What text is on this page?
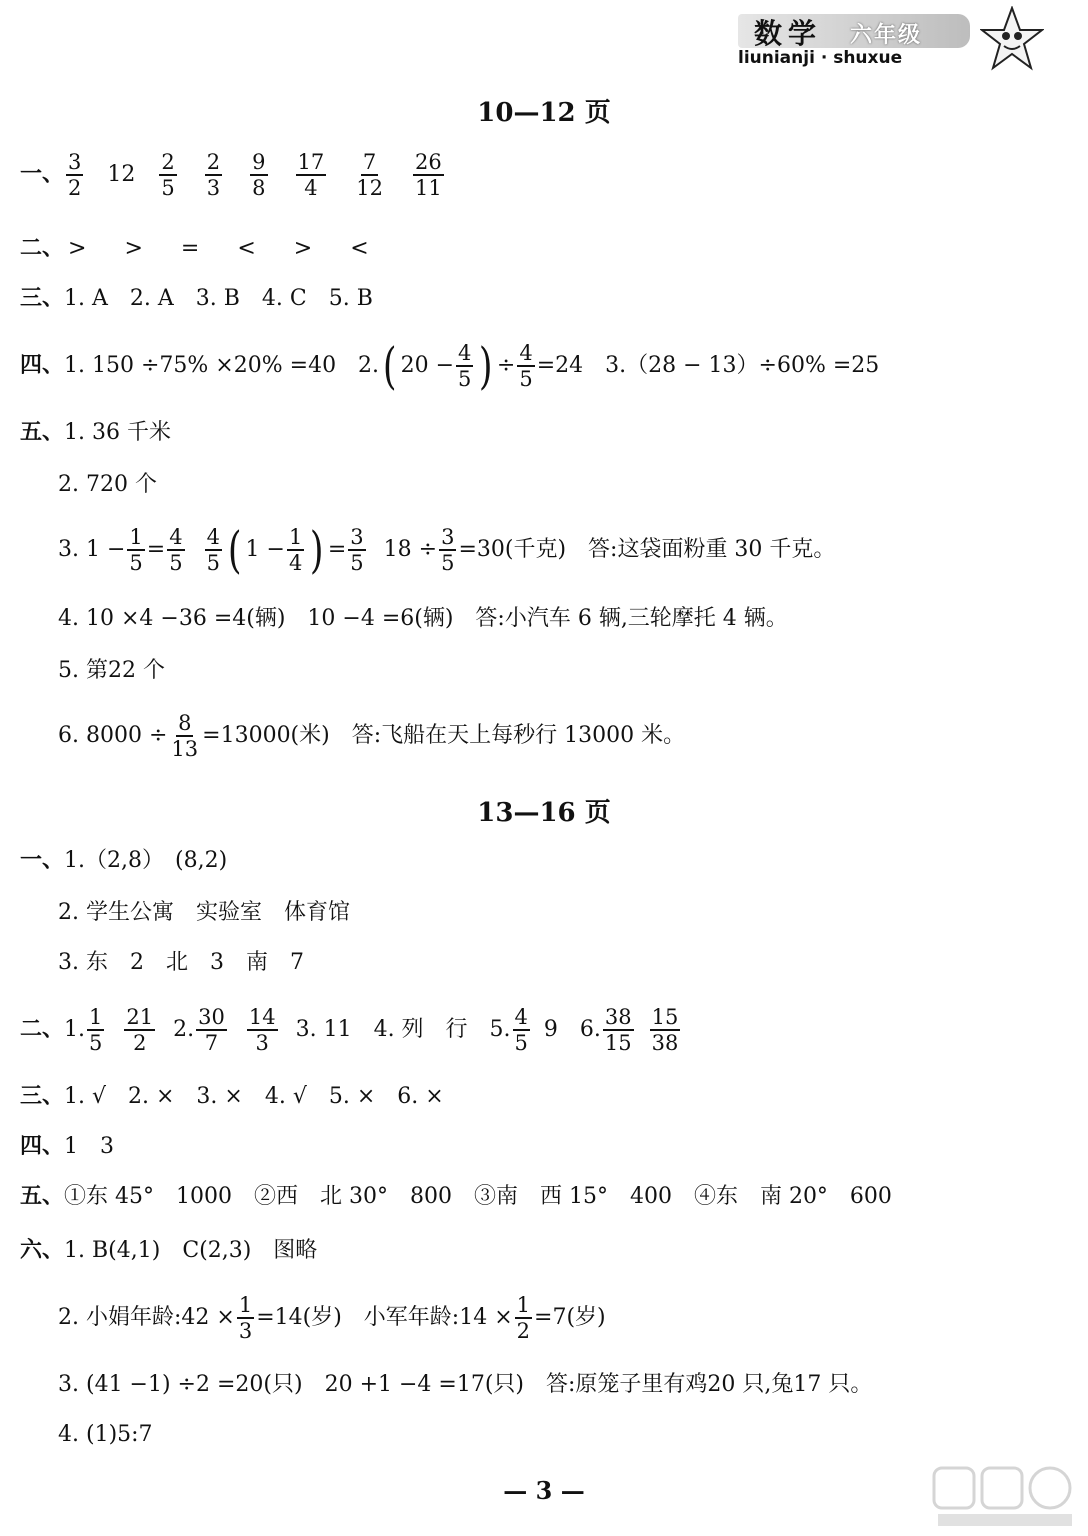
数学 六年级
liunianji · shuxue
10—12 页
一、 $\frac{3}{2} 12 \frac{2}{5} \frac{2}{3} \frac{9}{8} \frac{17}{4} \frac{7}{12} \frac{26}{11}$
二、 > > = < > <
三、 1. A　2. A　3. B　4. C　5. B
四、 1. 150 ÷75% ×20% =40　2. ( $20 - \frac{4}{5}$ ) ÷ $\frac{4}{5} =24$　3.（28 − 13）÷60% =25
五、 1. 36 千米
2. 720 个
3. $1 - \frac{1}{5} = \frac{4}{5} \frac{4}{5}$ ( $1 - \frac{1}{4}$ ) = $\frac{3}{5} 18 \div \frac{3}{5} =30$(千克)　答:这袋面粉重 30 千克。
4. 10 ×4 −36 =4(辆)　10 −4 =6(辆)　答:小汽车 6 辆,三轮摩托 4 辆。
5. 第22 个
6. $8000 \div \frac{8}{13} =13000$(米)　答:飞船在天上每秒行 13000 米。
13—16 页
一、 1.（2,8）　(8,2)
2. 学生公寓　实验室　体育馆
3. 东　2　北　3　南　7
二、 1. $\frac{1}{5} \frac{21}{2} 2$. $\frac{30}{7} \frac{14}{3} 3$. 11　4. 列　行　5. $\frac{4}{5} 9$　6. $\frac{38}{15} \frac{15}{38}$
三、 1. √　2. ×　3. ×　4. √　5. ×　6. ×
四、 1　3
五、 ①东 45°　1000　②西　北 30°　800　③南　西 15°　400　④东　南 20°　600
六、 1. B(4,1)　C(2,3)　图略
2. 小娟年龄:42 × $\frac{1}{3} =14$(岁)　小军年龄:14 × $\frac{1}{2} =7$(岁)
3. (41 −1) ÷2 =20(只)　20 +1 −4 =17(只)　答:原笼子里有鸡20 只,兔17 只。
4. (1)5:7
— 3 —
